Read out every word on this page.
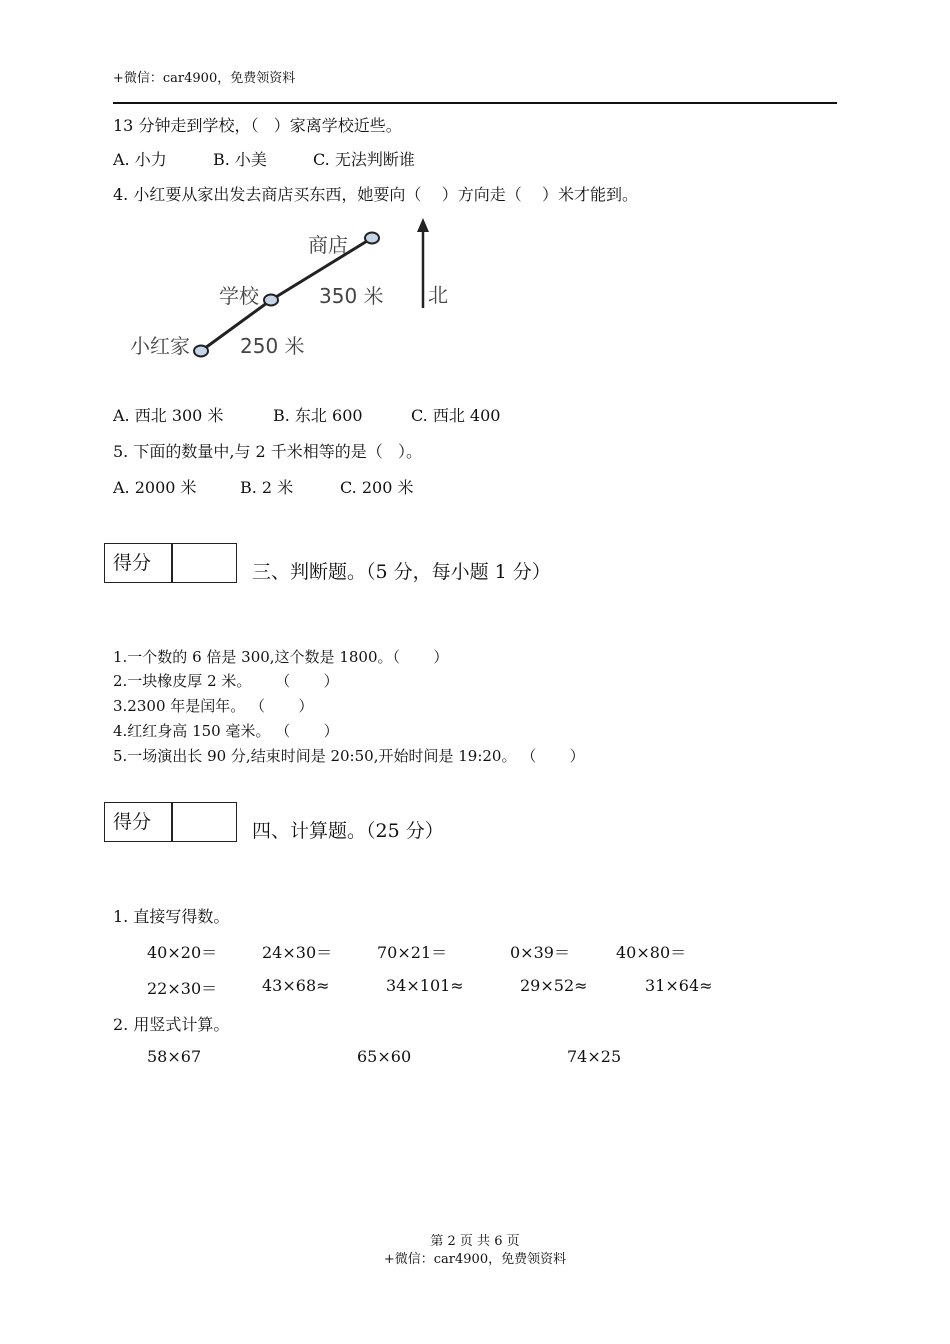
+微信：car4900，免费领资料
13 分钟走到学校，（   ）家离学校近些。
A. 小力	B. 小美	C. 无法判断谁
4. 小红要从家出发去商店买东西，她要向（    ）方向走（    ）米才能到。
商店
学校
小红家
350 米
250 米
北
A. 西北 300 米	B. 东北 600	C. 西北 400
5. 下面的数量中,与 2 千米相等的是（   ）。
A. 2000 米	B. 2 米	C. 200 米
得分	三、判断题。（5 分，每小题 1 分）
1.一个数的 6 倍是 300,这个数是 1800。（       ）
2.一块橡皮厚 2 米。     （       ）
3.2300 年是闰年。 （       ）
4.红红身高 150 毫米。 （       ）
5.一场演出长 90 分,结束时间是 20:50,开始时间是 19:20。 （       ）
得分	四、计算题。（25 分）
1. 直接写得数。
40×20＝	24×30＝	70×21＝	0×39＝	40×80＝
22×30＝	43×68≈	34×101≈	29×52≈	31×64≈
2. 用竖式计算。
58×67	65×60	74×25
第 2 页 共 6 页
+微信：car4900，免费领资料
